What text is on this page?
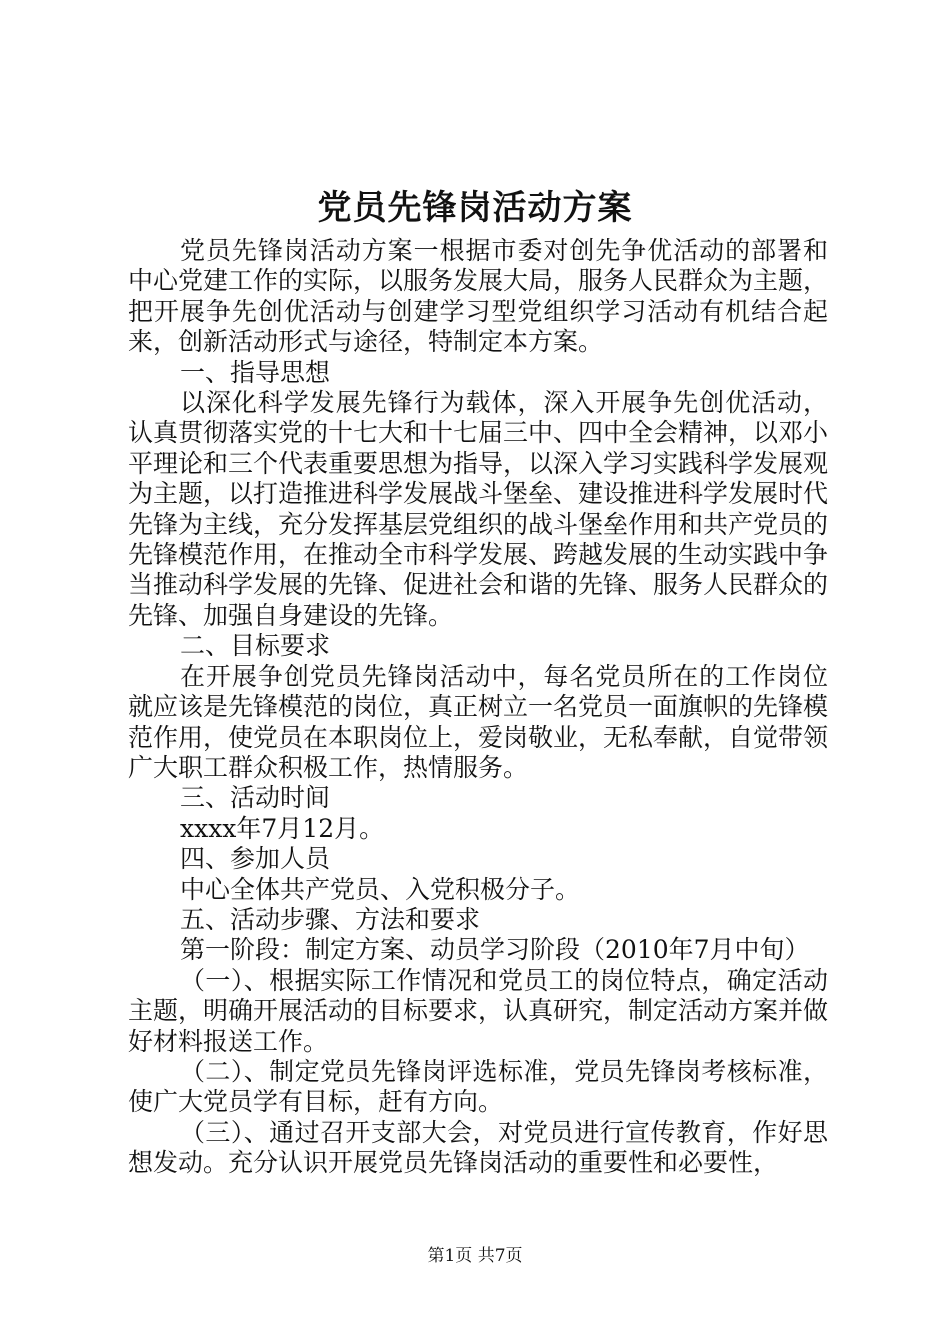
党员先锋岗活动方案

党员先锋岗活动方案一根据市委对创先争优活动的部署和中心党建工作的实际，以服务发展大局，服务人民群众为主题，把开展争先创优活动与创建学习型党组织学习活动有机结合起来，创新活动形式与途径，特制定本方案。

一、指导思想

以深化科学发展先锋行为载体，深入开展争先创优活动，认真贯彻落实党的十七大和十七届三中、四中全会精神，以邓小平理论和三个代表重要思想为指导，以深入学习实践科学发展观为主题，以打造推进科学发展战斗堡垒、建设推进科学发展时代先锋为主线，充分发挥基层党组织的战斗堡垒作用和共产党员的先锋模范作用，在推动全市科学发展、跨越发展的生动实践中争当推动科学发展的先锋、促进社会和谐的先锋、服务人民群众的先锋、加强自身建设的先锋。

二、目标要求

在开展争创党员先锋岗活动中，每名党员所在的工作岗位就应该是先锋模范的岗位，真正树立一名党员一面旗帜的先锋模范作用，使党员在本职岗位上，爱岗敬业，无私奉献，自觉带领广大职工群众积极工作，热情服务。

三、活动时间

xxxx年7月12月。

四、参加人员

中心全体共产党员、入党积极分子。

五、活动步骤、方法和要求

第一阶段：制定方案、动员学习阶段（2010年7月中旬）

（一）、根据实际工作情况和党员工的岗位特点，确定活动主题，明确开展活动的目标要求，认真研究，制定活动方案并做好材料报送工作。

（二）、制定党员先锋岗评选标准，党员先锋岗考核标准，使广大党员学有目标，赶有方向。

（三）、通过召开支部大会，对党员进行宣传教育，作好思想发动。充分认识开展党员先锋岗活动的重要性和必要性，

第1页 共7页
